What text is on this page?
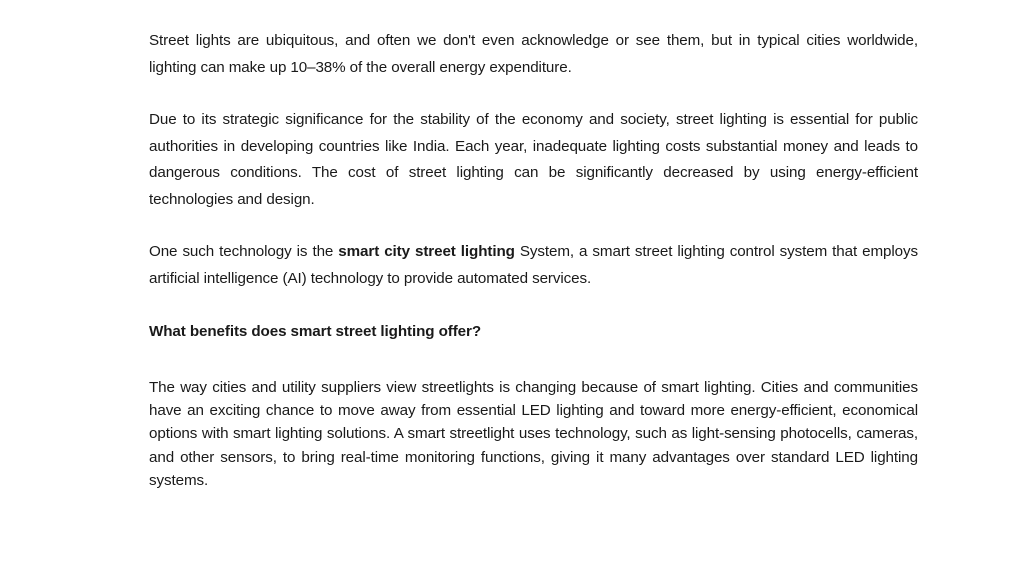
Street lights are ubiquitous, and often we don't even acknowledge or see them, but in typical cities worldwide, lighting can make up 10–38% of the overall energy expenditure.

Due to its strategic significance for the stability of the economy and society, street lighting is essential for public authorities in developing countries like India. Each year, inadequate lighting costs substantial money and leads to dangerous conditions. The cost of street lighting can be significantly decreased by using energy-efficient technologies and design.

One such technology is the smart city street lighting System, a smart street lighting control system that employs artificial intelligence (AI) technology to provide automated services.

What benefits does smart street lighting offer?

The way cities and utility suppliers view streetlights is changing because of smart lighting. Cities and communities have an exciting chance to move away from essential LED lighting and toward more energy-efficient, economical options with smart lighting solutions. A smart streetlight uses technology, such as light-sensing photocells, cameras, and other sensors, to bring real-time monitoring functions, giving it many advantages over standard LED lighting systems.
